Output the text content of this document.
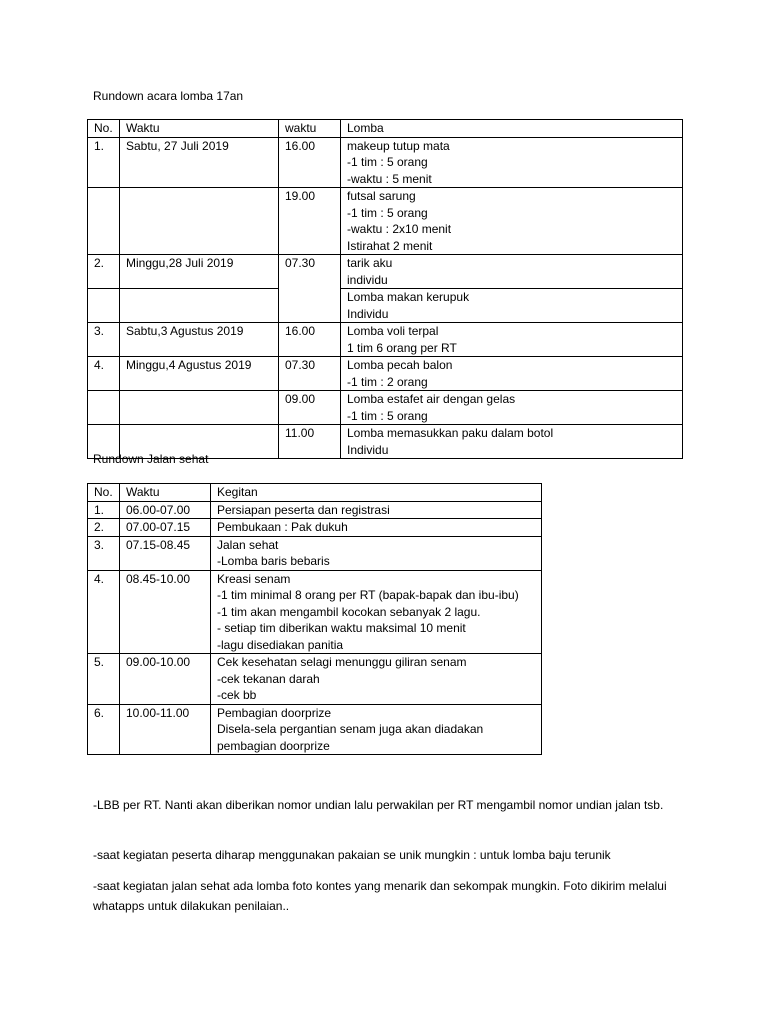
Rundown acara lomba 17an

No.	Waktu	waktu	Lomba
1.	Sabtu, 27 Juli 2019	16.00	makeup tutup mata
-1 tim : 5 orang
-waktu : 5 menit

		19.00	futsal sarung
-1 tim : 5 orang
-waktu : 2x10 menit
Istirahat 2 menit

2.	Minggu,28 Juli 2019	07.30	tarik aku
individu

			Lomba makan kerupuk
Individu

3.	Sabtu,3 Agustus 2019	16.00	Lomba voli terpal
1 tim 6 orang per RT

4.	Minggu,4 Agustus 2019	07.30	Lomba pecah balon
-1 tim : 2 orang

		09.00	Lomba estafet air dengan gelas
-1 tim : 5 orang

		11.00	Lomba memasukkan paku dalam botol
Individu

Rundown Jalan sehat

No.	Waktu	Kegitan
1.	06.00-07.00	Persiapan peserta dan registrasi

2.	07.00-07.15	Pembukaan : Pak dukuh

3.	07.15-08.45	Jalan sehat
-Lomba baris bebaris

4.	08.45-10.00	Kreasi senam
-1 tim minimal 8 orang per RT (bapak-bapak dan ibu-ibu)
-1 tim akan mengambil kocokan sebanyak 2 lagu.
- setiap tim diberikan waktu maksimal 10 menit
-lagu disediakan panitia

5.	09.00-10.00	Cek kesehatan selagi menunggu giliran senam
-cek tekanan darah
-cek bb

6.	10.00-11.00	Pembagian doorprize
Disela-sela pergantian senam juga akan diadakan pembagian doorprize

-LBB per RT. Nanti akan diberikan nomor undian lalu perwakilan per RT mengambil nomor undian jalan tsb.

-saat kegiatan peserta diharap menggunakan pakaian se unik mungkin : untuk lomba baju terunik

-saat kegiatan jalan sehat ada lomba foto kontes yang menarik dan sekompak mungkin. Foto dikirim melalui whatapps untuk dilakukan penilaian..
